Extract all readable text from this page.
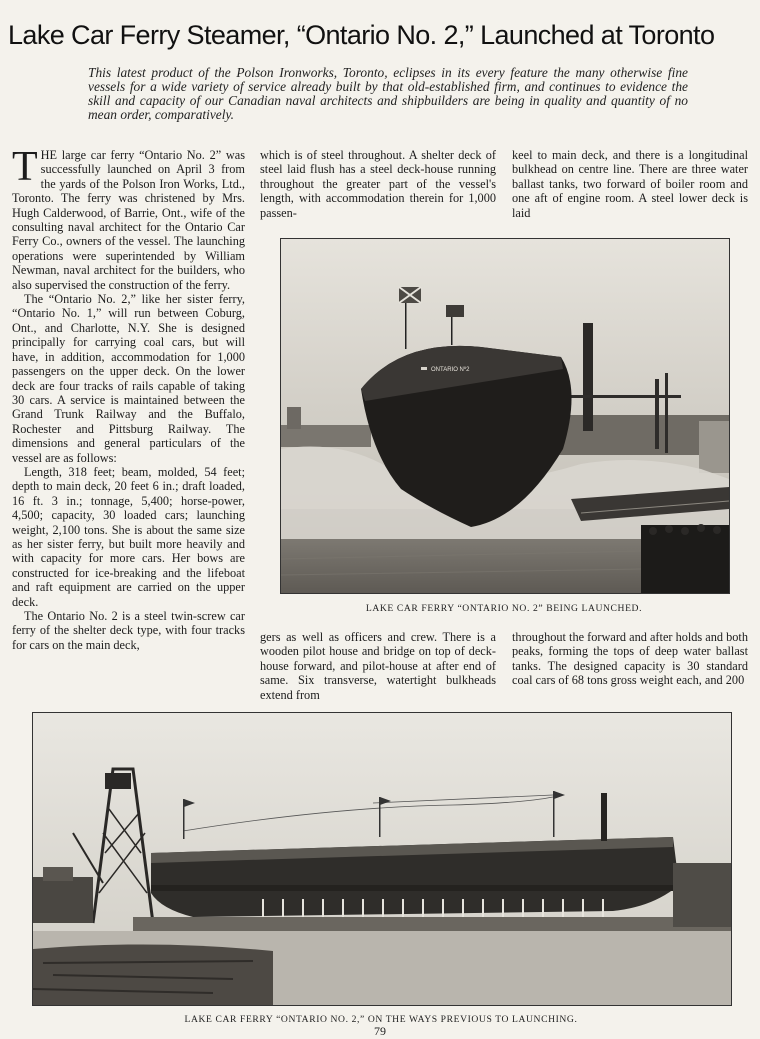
Lake Car Ferry Steamer, “Ontario No. 2,” Launched at Toronto
This latest product of the Polson Ironworks, Toronto, eclipses in its every feature the many otherwise fine vessels for a wide variety of service already built by that old-established firm, and continues to evidence the skill and capacity of our Canadian naval architects and shipbuilders are being in quality and quantity of no mean order, comparatively.

THE large car ferry “Ontario No. 2” was successfully launched on April 3 from the yards of the Polson Iron Works, Ltd., Toronto. The ferry was christened by Mrs. Hugh Calderwood, of Barrie, Ont., wife of the consulting naval architect for the Ontario Car Ferry Co., owners of the vessel. The launching operations were superintended by William Newman, naval architect for the builders, who also supervised the construction of the ferry.

The “Ontario No. 2,” like her sister ferry, “Ontario No. 1,” will run between Coburg, Ont., and Charlotte, N.Y. She is designed principally for carrying coal cars, but will have, in addition, accommodation for 1,000 passengers on the upper deck. On the lower deck are four tracks of rails capable of taking 30 cars. A service is maintained between the Grand Trunk Railway and the Buffalo, Rochester and Pittsburg Railway. The dimensions and general particulars of the vessel are as follows:

Length, 318 feet; beam, molded, 54 feet; depth to main deck, 20 feet 6 in.; draft loaded, 16 ft. 3 in.; tonnage, 5,400; horse-power, 4,500; capacity, 30 loaded cars; launching weight, 2,100 tons. She is about the same size as her sister ferry, but built more heavily and with capacity for more cars. Her bows are constructed for ice-breaking and the lifeboat and raft equipment are carried on the upper deck.

The Ontario No. 2 is a steel twin-screw car ferry of the shelter deck type, with four tracks for cars on the main deck,

which is of steel throughout. A shelter deck of steel laid flush has a steel deck-house running throughout the greater part of the vessel's length, with accommodation therein for 1,000 passen-

keel to main deck, and there is a longitudinal bulkhead on centre line. There are three water ballast tanks, two forward of boiler room and one aft of engine room. A steel lower deck is laid

ONTARIO Nº2
LAKE CAR FERRY “ONTARIO NO. 2” BEING LAUNCHED.

gers as well as officers and crew. There is a wooden pilot house and bridge on top of deck-house forward, and pilot-house at after end of same. Six transverse, watertight bulkheads extend from

throughout the forward and after holds and both peaks, forming the tops of deep water ballast tanks. The designed capacity is 30 standard coal cars of 68 tons gross weight each, and 200

LAKE CAR FERRY “ONTARIO NO. 2,” ON THE WAYS PREVIOUS TO LAUNCHING.
79
